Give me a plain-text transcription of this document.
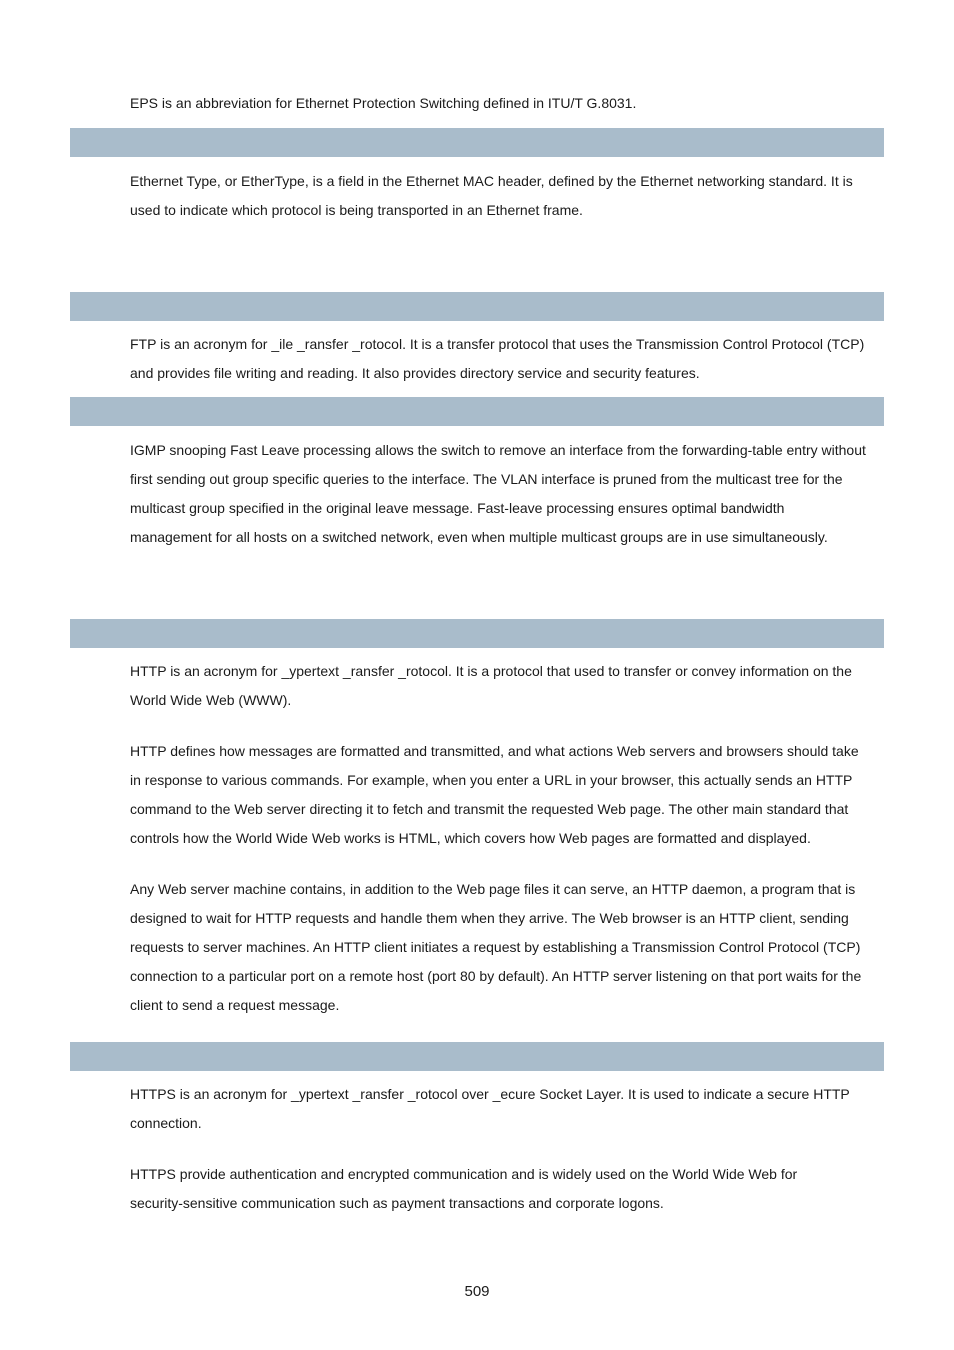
EPS is an abbreviation for Ethernet Protection Switching defined in ITU/T G.8031.

Ethernet Type, or EtherType, is a field in the Ethernet MAC header, defined by the Ethernet networking standard. It is
used to indicate which protocol is being transported in an Ethernet frame.

FTP is an acronym for _ile _ransfer _rotocol. It is a transfer protocol that uses the Transmission Control Protocol (TCP)
and provides file writing and reading. It also provides directory service and security features.

IGMP snooping Fast Leave processing allows the switch to remove an interface from the forwarding-table entry without
first sending out group specific queries to the interface. The VLAN interface is pruned from the multicast tree for the
multicast group specified in the original leave message. Fast-leave processing ensures optimal bandwidth
management for all hosts on a switched network, even when multiple multicast groups are in use simultaneously.

HTTP is an acronym for _ypertext _ransfer _rotocol. It is a protocol that used to transfer or convey information on the
World Wide Web (WWW).

HTTP defines how messages are formatted and transmitted, and what actions Web servers and browsers should take
in response to various commands. For example, when you enter a URL in your browser, this actually sends an HTTP
command to the Web server directing it to fetch and transmit the requested Web page. The other main standard that
controls how the World Wide Web works is HTML, which covers how Web pages are formatted and displayed.

Any Web server machine contains, in addition to the Web page files it can serve, an HTTP daemon, a program that is
designed to wait for HTTP requests and handle them when they arrive. The Web browser is an HTTP client, sending
requests to server machines. An HTTP client initiates a request by establishing a Transmission Control Protocol (TCP)
connection to a particular port on a remote host (port 80 by default). An HTTP server listening on that port waits for the
client to send a request message.

HTTPS is an acronym for _ypertext _ransfer _rotocol over _ecure Socket Layer. It is used to indicate a secure HTTP
connection.

HTTPS provide authentication and encrypted communication and is widely used on the World Wide Web for
security-sensitive communication such as payment transactions and corporate logons.

509
